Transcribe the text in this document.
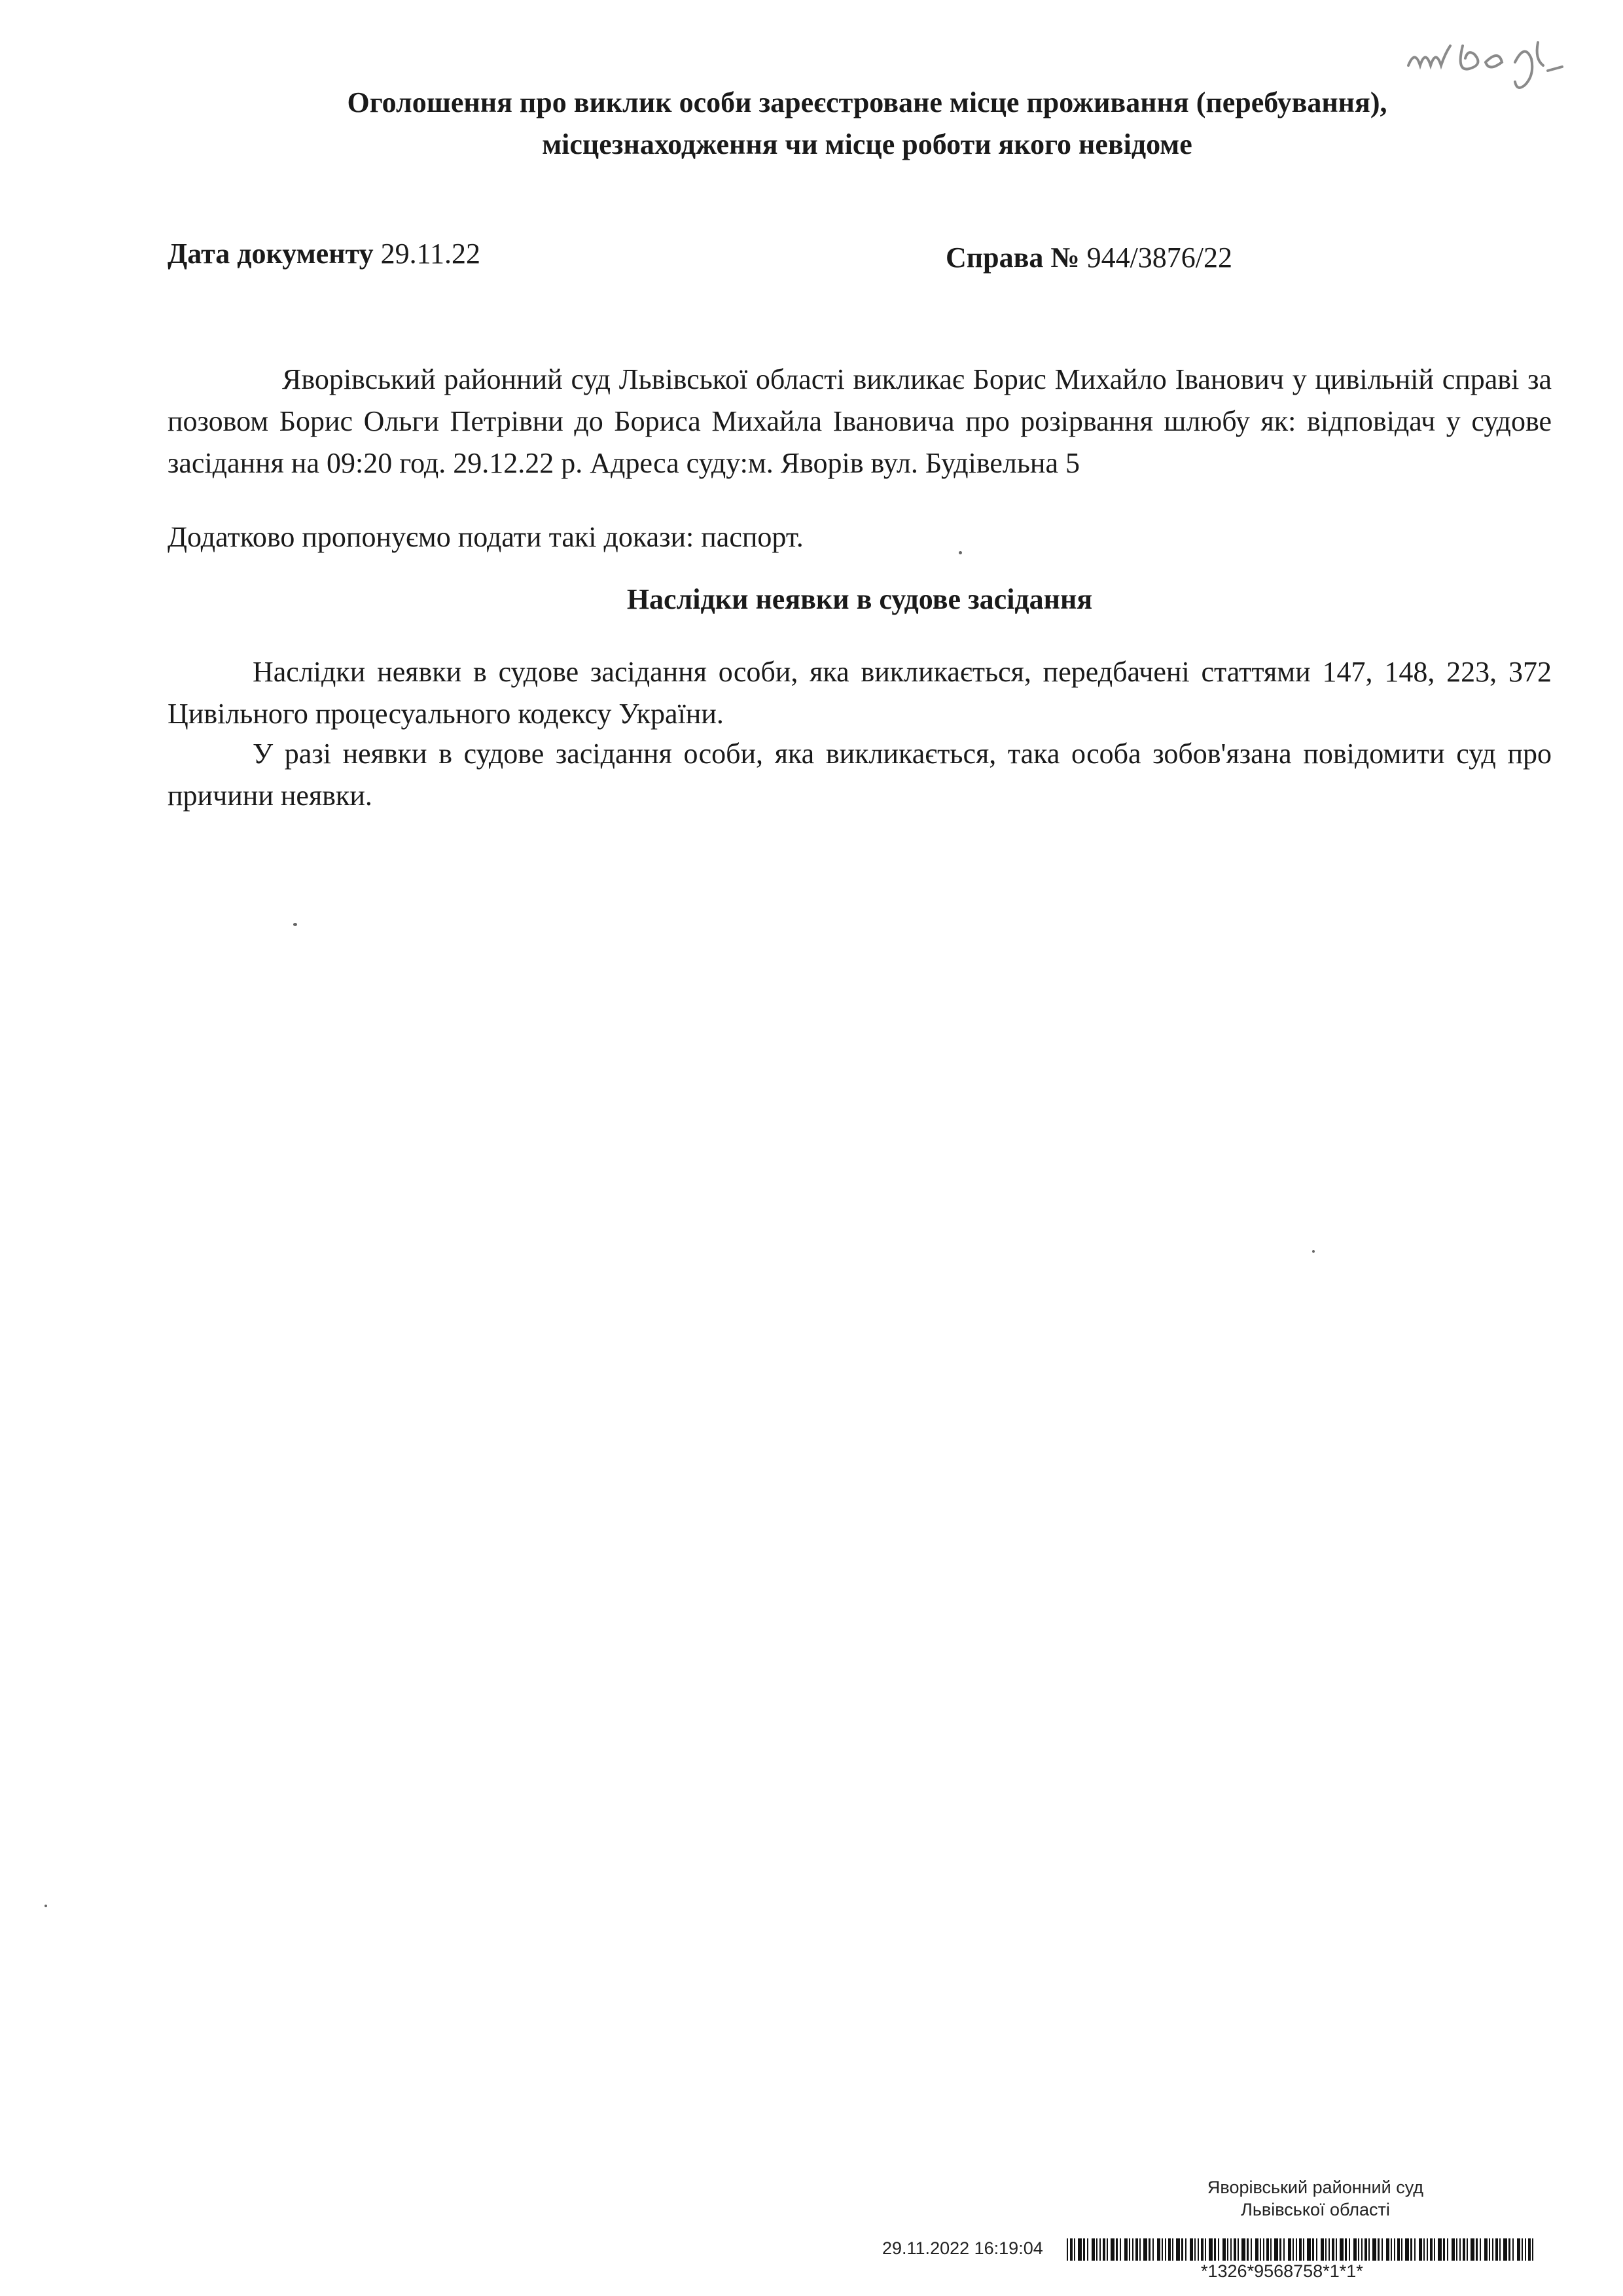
Оголошення про виклик особи зареєстроване місце проживання (перебування),
місцезнаходження чи місце роботи якого невідоме
Дата документу 29.11.22	Справа № 944/3876/22
Яворівський районний суд Львівської області викликає Борис Михайло Іванович у цивільній справі за позовом Борис Ольги Петрівни до Бориса Михайла Івановича про розірвання шлюбу як: відповідач у судове засідання на 09:20 год. 29.12.22 р. Адреса суду:м. Яворів вул. Будівельна 5
Додатково пропонуємо подати такі докази: паспорт.
Наслідки неявки в судове засідання
Наслідки неявки в судове засідання особи, яка викликається, передбачені статтями 147, 148, 223, 372 Цивільного процесуального кодексу України.
У разі неявки в судове засідання особи, яка викликається, така особа зобов'язана повідомити суд про причини неявки.
Яворівський районний суд
Львівської області
29.11.2022 16:19:04
*1326*9568758*1*1*
